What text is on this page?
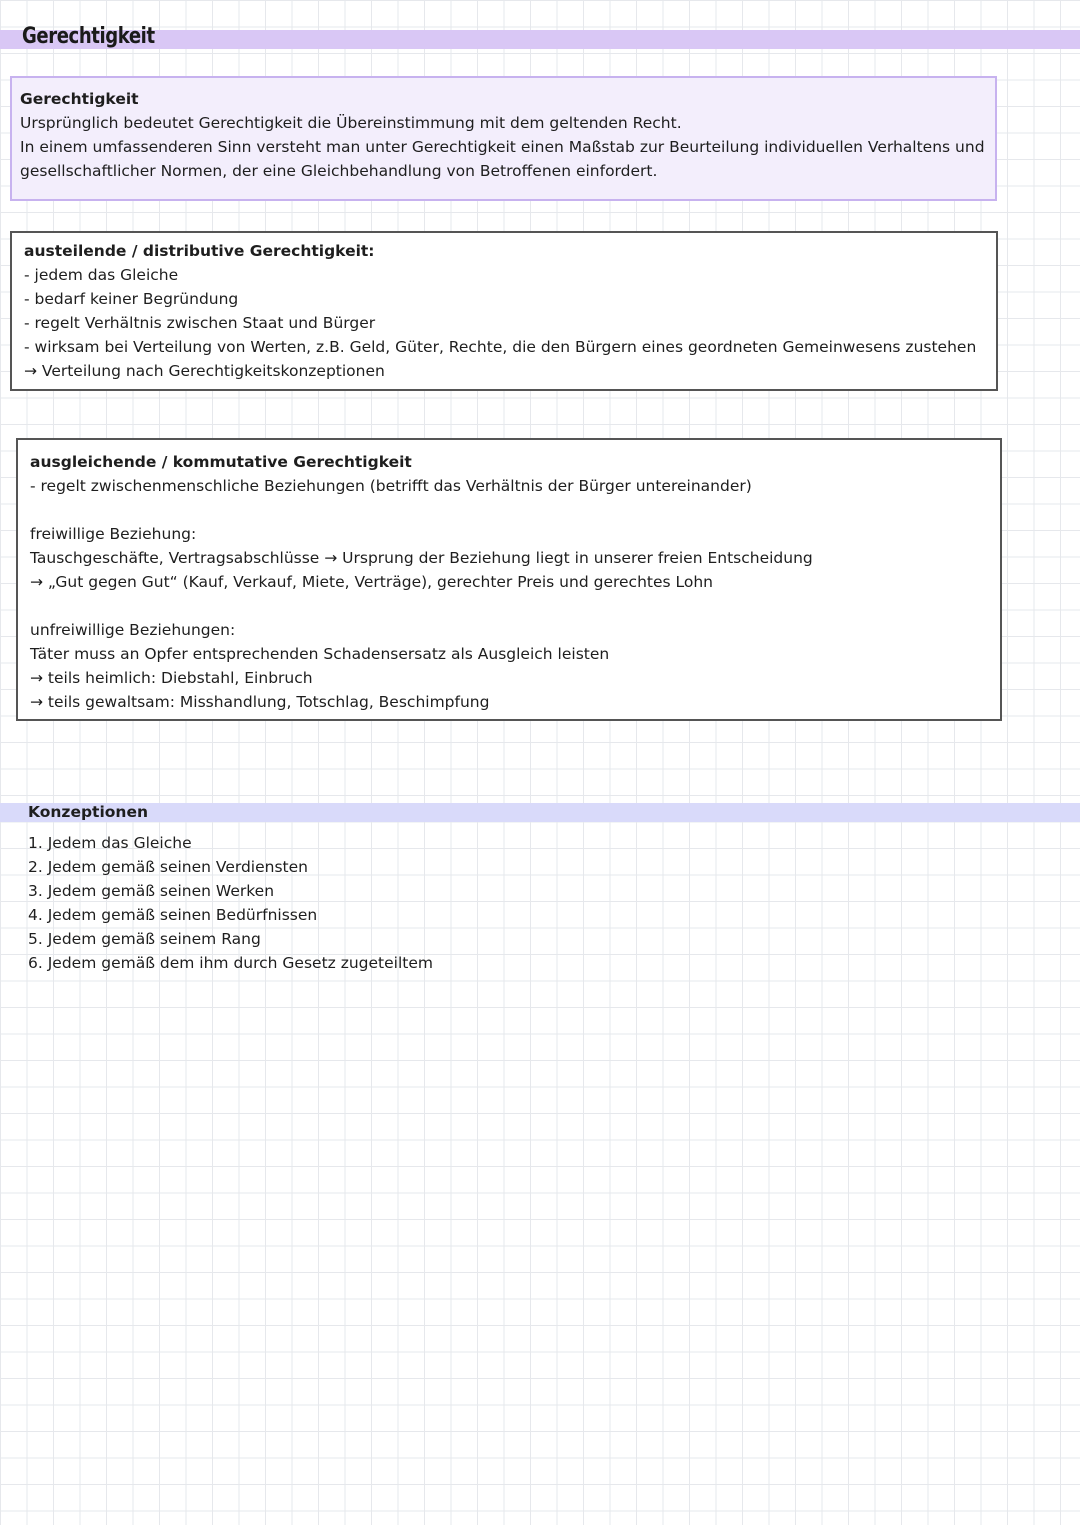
Gerechtigkeit
Gerechtigkeit
Ursprünglich bedeutet Gerechtigkeit die Übereinstimmung mit dem geltenden Recht.
In einem umfassenderen Sinn versteht man unter Gerechtigkeit einen Maßstab zur Beurteilung individuellen Verhaltens und gesellschaftlicher Normen, der eine Gleichbehandlung von Betroffenen einfordert.
austeilende / distributive Gerechtigkeit:
- jedem das Gleiche
- bedarf keiner Begründung
- regelt Verhältnis zwischen Staat und Bürger
- wirksam bei Verteilung von Werten, z.B. Geld, Güter, Rechte, die den Bürgern eines geordneten Gemeinwesens zustehen
→ Verteilung nach Gerechtigkeitskonzeptionen
ausgleichende / kommutative Gerechtigkeit
- regelt zwischenmenschliche Beziehungen (betrifft das Verhältnis der Bürger untereinander)
freiwillige Beziehung:
Tauschgeschäfte, Vertragsabschlüsse → Ursprung der Beziehung liegt in unserer freien Entscheidung
→ „Gut gegen Gut“ (Kauf, Verkauf, Miete, Verträge), gerechter Preis und gerechtes Lohn
unfreiwillige Beziehungen:
Täter muss an Opfer entsprechenden Schadensersatz als Ausgleich leisten
→ teils heimlich: Diebstahl, Einbruch
→ teils gewaltsam: Misshandlung, Totschlag, Beschimpfung
Konzeptionen
1. Jedem das Gleiche
2. Jedem gemäß seinen Verdiensten
3. Jedem gemäß seinen Werken
4. Jedem gemäß seinen Bedürfnissen
5. Jedem gemäß seinem Rang
6. Jedem gemäß dem ihm durch Gesetz zugeteiltem
